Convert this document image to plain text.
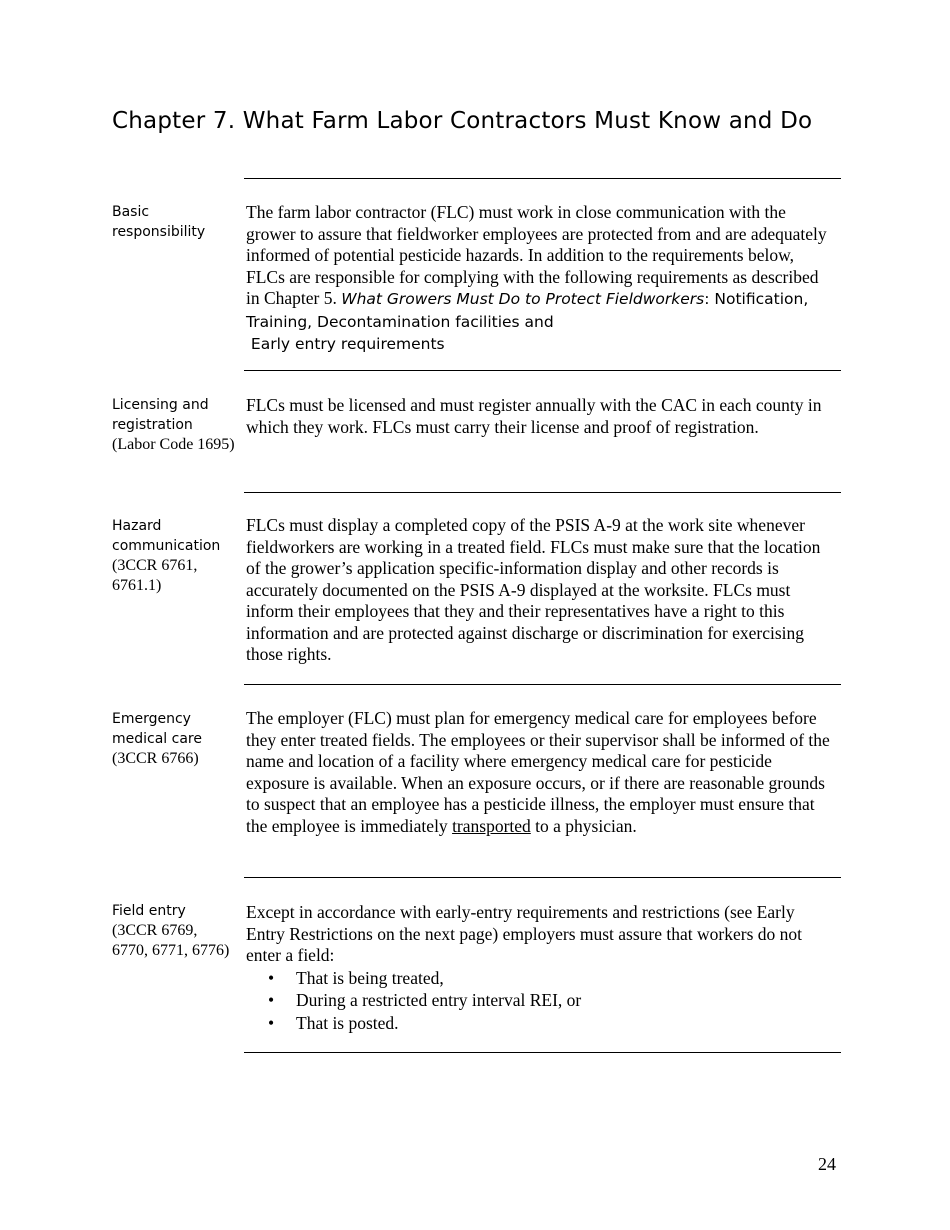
Chapter 7. What Farm Labor Contractors Must Know and Do
Basic responsibility

The farm labor contractor (FLC) must work in close communication with the grower to assure that fieldworker employees are protected from and are adequately informed of potential pesticide hazards. In addition to the requirements below, FLCs are responsible for complying with the following requirements as described in Chapter 5. What Growers Must Do to Protect Fieldworkers: Notification, Training, Decontamination facilities and
Early entry requirements

Licensing and registration
(Labor Code 1695)

FLCs must be licensed and must register annually with the CAC in each county in which they work. FLCs must carry their license and proof of registration.

Hazard communication
(3CCR 6761, 6761.1)

FLCs must display a completed copy of the PSIS A-9 at the work site whenever fieldworkers are working in a treated field. FLCs must make sure that the location of the grower’s application specific-information display and other records is accurately documented on the PSIS A-9 displayed at the worksite. FLCs must inform their employees that they and their representatives have a right to this information and are protected against discharge or discrimination for exercising those rights.

Emergency medical care
(3CCR 6766)

The employer (FLC) must plan for emergency medical care for employees before they enter treated fields. The employees or their supervisor shall be informed of the name and location of a facility where emergency medical care for pesticide exposure is available. When an exposure occurs, or if there are reasonable grounds to suspect that an employee has a pesticide illness, the employer must ensure that the employee is immediately transported to a physician.

Field entry
(3CCR 6769, 6770, 6771, 6776)

Except in accordance with early-entry requirements and restrictions (see Early Entry Restrictions on the next page) employers must assure that workers do not enter a field:

• That is being treated,
• During a restricted entry interval REI, or
• That is posted.
24
